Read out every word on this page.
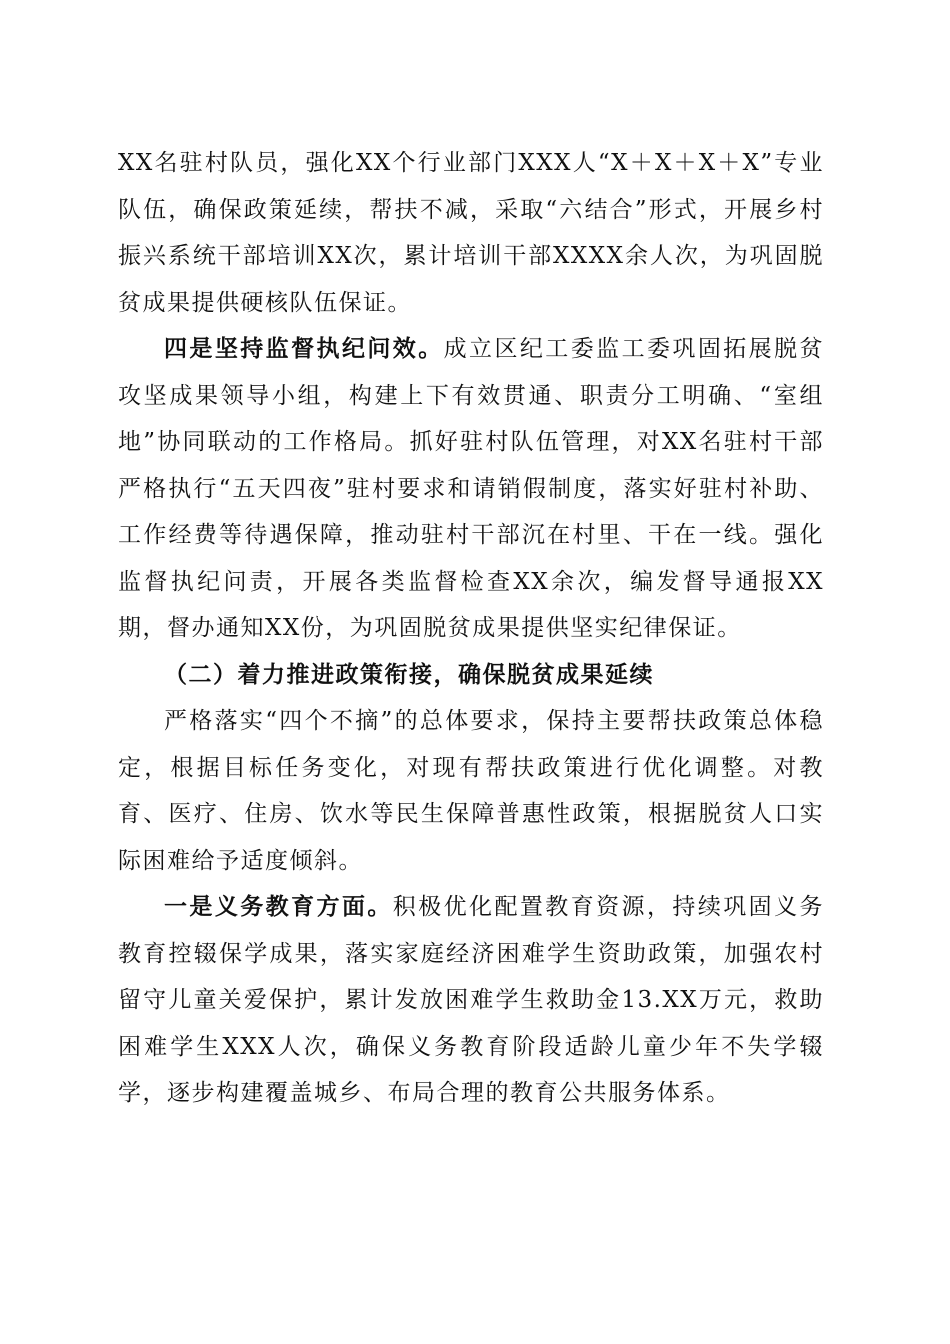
XX名驻村队员，强化XX个行业部门XXX人“X＋X＋X＋X”专业队伍，确保政策延续，帮扶不减，采取“六结合”形式，开展乡村振兴系统干部培训XX次，累计培训干部XXXX余人次，为巩固脱贫成果提供硬核队伍保证。

四是坚持监督执纪问效。成立区纪工委监工委巩固拓展脱贫攻坚成果领导小组，构建上下有效贯通、职责分工明确、“室组地”协同联动的工作格局。抓好驻村队伍管理，对XX名驻村干部严格执行“五天四夜”驻村要求和请销假制度，落实好驻村补助、工作经费等待遇保障，推动驻村干部沉在村里、干在一线。强化监督执纪问责，开展各类监督检查XX余次，编发督导通报XX期，督办通知XX份，为巩固脱贫成果提供坚实纪律保证。

（二）着力推进政策衔接，确保脱贫成果延续

严格落实“四个不摘”的总体要求，保持主要帮扶政策总体稳定，根据目标任务变化，对现有帮扶政策进行优化调整。对教育、医疗、住房、饮水等民生保障普惠性政策，根据脱贫人口实际困难给予适度倾斜。

一是义务教育方面。积极优化配置教育资源，持续巩固义务教育控辍保学成果，落实家庭经济困难学生资助政策，加强农村留守儿童关爱保护，累计发放困难学生救助金13.XX万元，救助困难学生XXX人次，确保义务教育阶段适龄儿童少年不失学辍学，逐步构建覆盖城乡、布局合理的教育公共服务体系。
